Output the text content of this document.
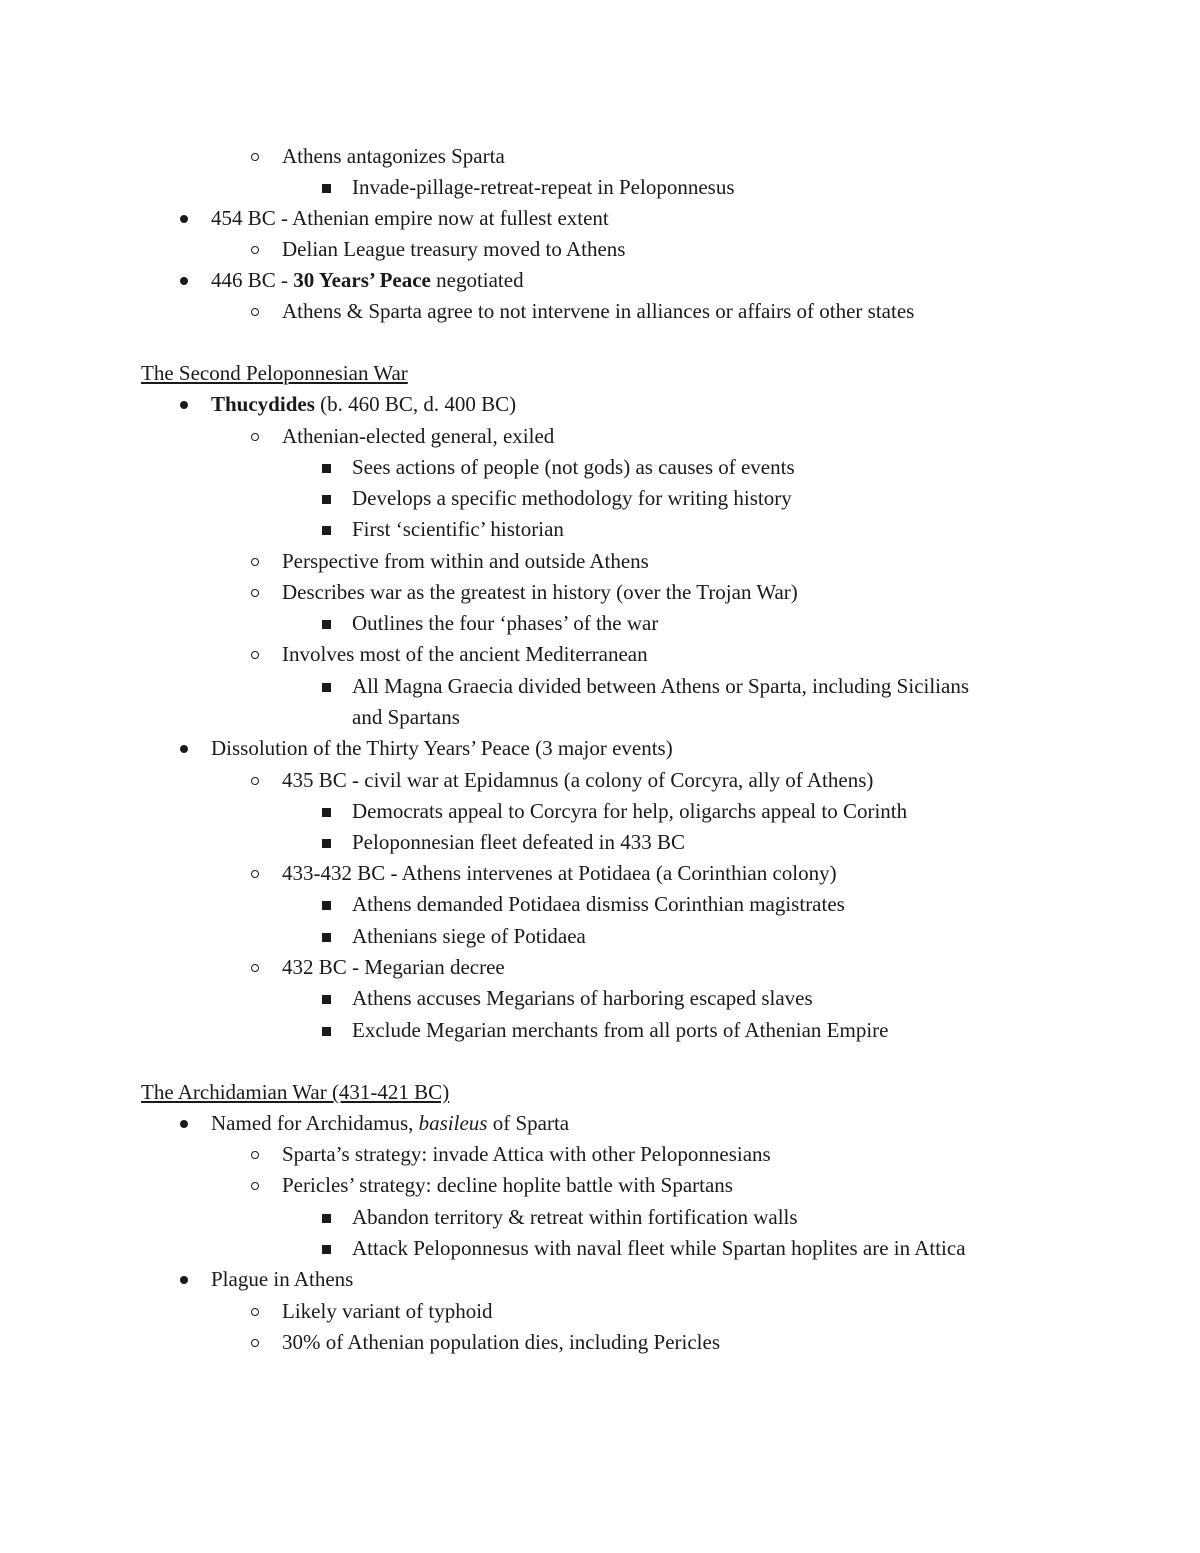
Athens antagonizes Sparta
Invade-pillage-retreat-repeat in Peloponnesus
454 BC - Athenian empire now at fullest extent
Delian League treasury moved to Athens
446 BC - 30 Years’ Peace negotiated
Athens & Sparta agree to not intervene in alliances or affairs of other states
The Second Peloponnesian War
Thucydides (b. 460 BC, d. 400 BC)
Athenian-elected general, exiled
Sees actions of people (not gods) as causes of events
Develops a specific methodology for writing history
First ‘scientific’ historian
Perspective from within and outside Athens
Describes war as the greatest in history (over the Trojan War)
Outlines the four ‘phases’ of the war
Involves most of the ancient Mediterranean
All Magna Graecia divided between Athens or Sparta, including Sicilians
and Spartans
Dissolution of the Thirty Years’ Peace (3 major events)
435 BC - civil war at Epidamnus (a colony of Corcyra, ally of Athens)
Democrats appeal to Corcyra for help, oligarchs appeal to Corinth
Peloponnesian fleet defeated in 433 BC
433-432 BC - Athens intervenes at Potidaea (a Corinthian colony)
Athens demanded Potidaea dismiss Corinthian magistrates
Athenians siege of Potidaea
432 BC - Megarian decree
Athens accuses Megarians of harboring escaped slaves
Exclude Megarian merchants from all ports of Athenian Empire
The Archidamian War (431-421 BC)
Named for Archidamus, basileus of Sparta
Sparta’s strategy: invade Attica with other Peloponnesians
Pericles’ strategy: decline hoplite battle with Spartans
Abandon territory & retreat within fortification walls
Attack Peloponnesus with naval fleet while Spartan hoplites are in Attica
Plague in Athens
Likely variant of typhoid
30% of Athenian population dies, including Pericles
